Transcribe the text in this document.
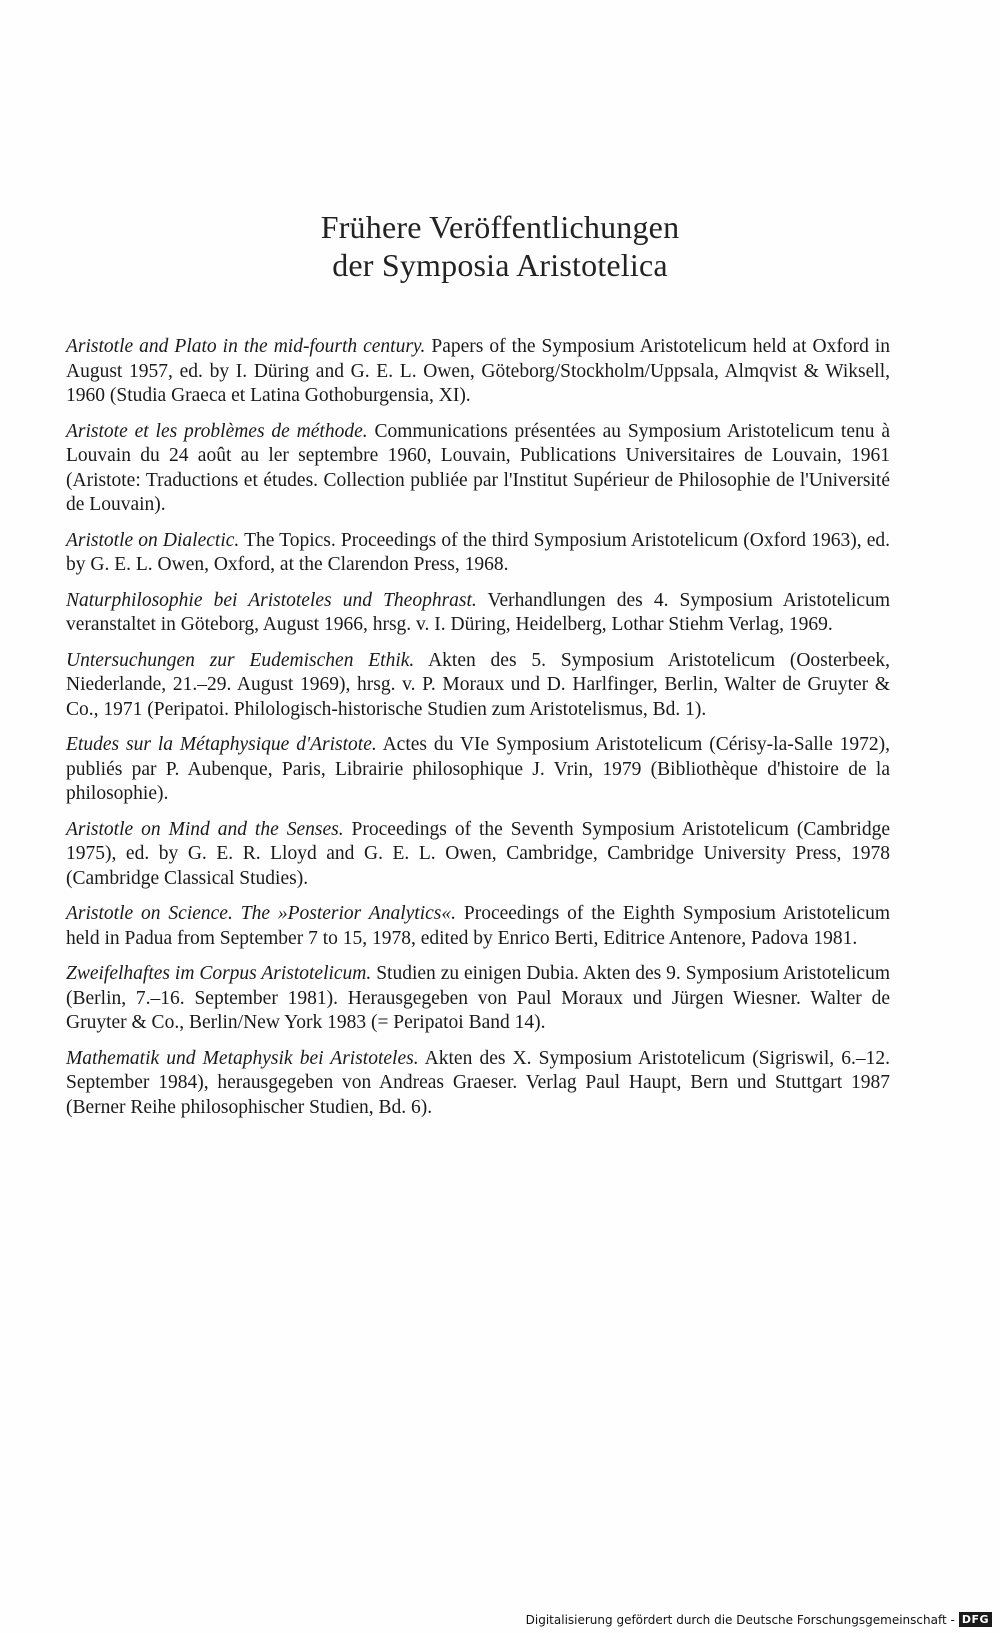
Frühere Veröffentlichungen
der Symposia Aristotelica

Aristotle and Plato in the mid-fourth century. Papers of the Symposium Aristotelicum held at Oxford in August 1957, ed. by I. Düring and G. E. L. Owen, Göteborg/Stockholm/Uppsala, Almqvist & Wiksell, 1960 (Studia Graeca et Latina Gothoburgensia, XI).

Aristote et les problèmes de méthode. Communications présentées au Symposium Aristotelicum tenu à Louvain du 24 août au ler septembre 1960, Louvain, Publications Universitaires de Louvain, 1961 (Aristote: Traductions et études. Collection publiée par l'Institut Supérieur de Philosophie de l'Université de Louvain).

Aristotle on Dialectic. The Topics. Proceedings of the third Symposium Aristotelicum (Oxford 1963), ed. by G. E. L. Owen, Oxford, at the Clarendon Press, 1968.

Naturphilosophie bei Aristoteles und Theophrast. Verhandlungen des 4. Symposium Aristotelicum veranstaltet in Göteborg, August 1966, hrsg. v. I. Düring, Heidelberg, Lothar Stiehm Verlag, 1969.

Untersuchungen zur Eudemischen Ethik. Akten des 5. Symposium Aristotelicum (Oosterbeek, Niederlande, 21.–29. August 1969), hrsg. v. P. Moraux und D. Harlfinger, Berlin, Walter de Gruyter & Co., 1971 (Peripatoi. Philologisch-historische Studien zum Aristotelismus, Bd. 1).

Etudes sur la Métaphysique d'Aristote. Actes du VIe Symposium Aristotelicum (Cérisy-la-Salle 1972), publiés par P. Aubenque, Paris, Librairie philosophique J. Vrin, 1979 (Bibliothèque d'histoire de la philosophie).

Aristotle on Mind and the Senses. Proceedings of the Seventh Symposium Aristotelicum (Cambridge 1975), ed. by G. E. R. Lloyd and G. E. L. Owen, Cambridge, Cambridge University Press, 1978 (Cambridge Classical Studies).

Aristotle on Science. The »Posterior Analytics«. Proceedings of the Eighth Symposium Aristotelicum held in Padua from September 7 to 15, 1978, edited by Enrico Berti, Editrice Antenore, Padova 1981.

Zweifelhaftes im Corpus Aristotelicum. Studien zu einigen Dubia. Akten des 9. Symposium Aristotelicum (Berlin, 7.–16. September 1981). Herausgegeben von Paul Moraux und Jürgen Wiesner. Walter de Gruyter & Co., Berlin/New York 1983 (= Peripatoi Band 14).

Mathematik und Metaphysik bei Aristoteles. Akten des X. Symposium Aristotelicum (Sigriswil, 6.–12. September 1984), herausgegeben von Andreas Graeser. Verlag Paul Haupt, Bern und Stuttgart 1987 (Berner Reihe philosophischer Studien, Bd. 6).

Digitalisierung gefördert durch die Deutsche Forschungsgemeinschaft - DFG
